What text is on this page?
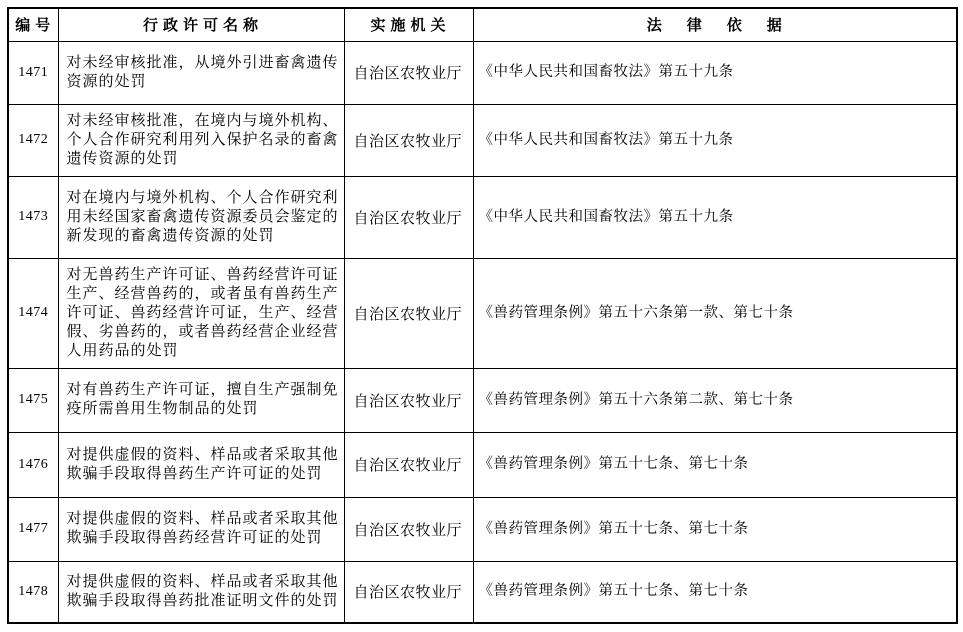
编号	行政许可名称	实施机关	法律依据
1471	对未经审核批准，从境外引进畜禽遗传资源的处罚	自治区农牧业厅	《中华人民共和国畜牧法》第五十九条
1472	对未经审核批准，在境内与境外机构、个人合作研究利用列入保护名录的畜禽遗传资源的处罚	自治区农牧业厅	《中华人民共和国畜牧法》第五十九条
1473	对在境内与境外机构、个人合作研究利用未经国家畜禽遗传资源委员会鉴定的新发现的畜禽遗传资源的处罚	自治区农牧业厅	《中华人民共和国畜牧法》第五十九条
1474	对无兽药生产许可证、兽药经营许可证生产、经营兽药的，或者虽有兽药生产许可证、兽药经营许可证，生产、经营假、劣兽药的，或者兽药经营企业经营人用药品的处罚	自治区农牧业厅	《兽药管理条例》第五十六条第一款、第七十条
1475	对有兽药生产许可证，擅自生产强制免疫所需兽用生物制品的处罚	自治区农牧业厅	《兽药管理条例》第五十六条第二款、第七十条
1476	对提供虚假的资料、样品或者采取其他欺骗手段取得兽药生产许可证的处罚	自治区农牧业厅	《兽药管理条例》第五十七条、第七十条
1477	对提供虚假的资料、样品或者采取其他欺骗手段取得兽药经营许可证的处罚	自治区农牧业厅	《兽药管理条例》第五十七条、第七十条
1478	对提供虚假的资料、样品或者采取其他欺骗手段取得兽药批准证明文件的处罚	自治区农牧业厅	《兽药管理条例》第五十七条、第七十条
